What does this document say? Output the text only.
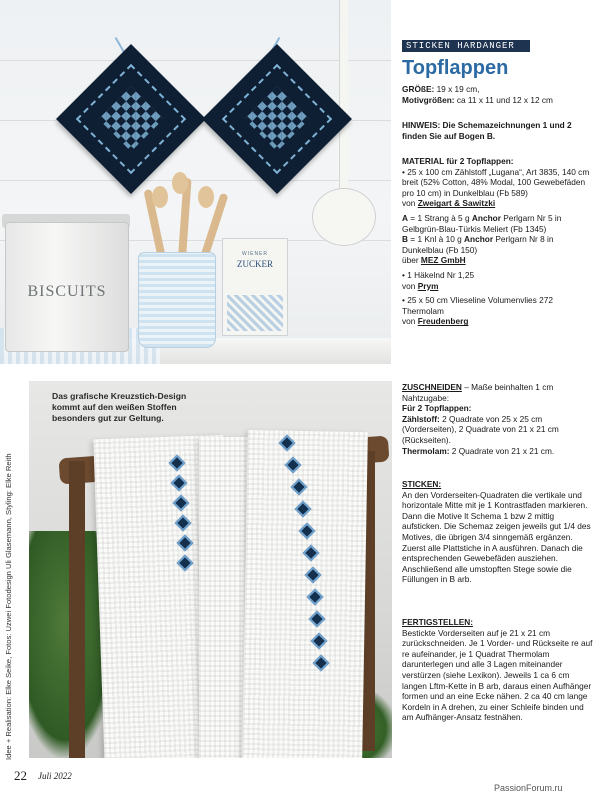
BISCUITS
WIENER
ZUCKER
Das grafische Kreuzstich-Design kommt auf den weißen Stoffen besonders gut zur Geltung.
Idee + Realisation: Elke Seike, Fotos: Uzwei Fotodesign Uli Glasemann, Styling: Elke Reith
STICKEN HARDANGER
Topflappen

GRÖßE: 19 x 19 cm,

Motivgrößen: ca 11 x 11 und 12 x 12 cm

HINWEIS: Die Schemazeichnungen 1 und 2 finden Sie auf Bogen B.

MATERIAL für 2 Topflappen:

• 25 x 100 cm Zählstoff „Lugana“, Art 3835, 140 cm breit (52% Cotton, 48% Modal, 100 Gewebefäden pro 10 cm) in Dunkelblau (Fb 589)

von Zweigart & Sawitzki

A = 1 Strang à 5 g Anchor Perlgarn Nr 5 in Gelbgrün-Blau-Türkis Meliert (Fb 1345)

B = 1 Knl à 10 g Anchor Perlgarn Nr 8 in Dunkelblau (Fb 150)

über MEZ GmbH

• 1 Häkelnd Nr 1,25

von Prym

• 25 x 50 cm Vlieseline Volumenvlies 272 Thermolam

von Freudenberg

ZUSCHNEIDEN – Maße beinhalten 1 cm Nahtzugabe:

Für 2 Topflappen:

Zählstoff: 2 Quadrate von 25 x 25 cm (Vorderseiten), 2 Quadrate von 21 x 21 cm (Rückseiten).

Thermolam: 2 Quadrate von 21 x 21 cm.

STICKEN:

An den Vorderseiten-Quadraten die vertikale und horizontale Mitte mit je 1 Kontrastfaden markieren. Dann die Motive lt Schema 1 bzw 2 mittig aufsticken. Die Schemaz zeigen jeweils gut 1/4 des Motives, die übrigen 3/4 sinngemäß ergänzen. Zuerst alle Plattstiche in A ausführen. Danach die entsprechenden Gewebefäden ausziehen. Anschließend alle umstopften Stege sowie die Füllungen in B arb.

FERTIGSTELLEN:

Bestickte Vorderseiten auf je 21 x 21 cm zurückschneiden. Je 1 Vorder- und Rückseite re auf re aufeinander, je 1 Quadrat Thermolam darunterlegen und alle 3 Lagen miteinander verstürzen (siehe Lexikon). Jeweils 1 ca 6 cm langen Lftm-Kette in B arb, daraus einen Aufhänger formen und an eine Ecke nähen. 2 ca 40 cm lange Kordeln in A drehen, zu einer Schleife binden und am Aufhänger-Ansatz festnähen.

22 Juli 2022
PassionForum.ru
